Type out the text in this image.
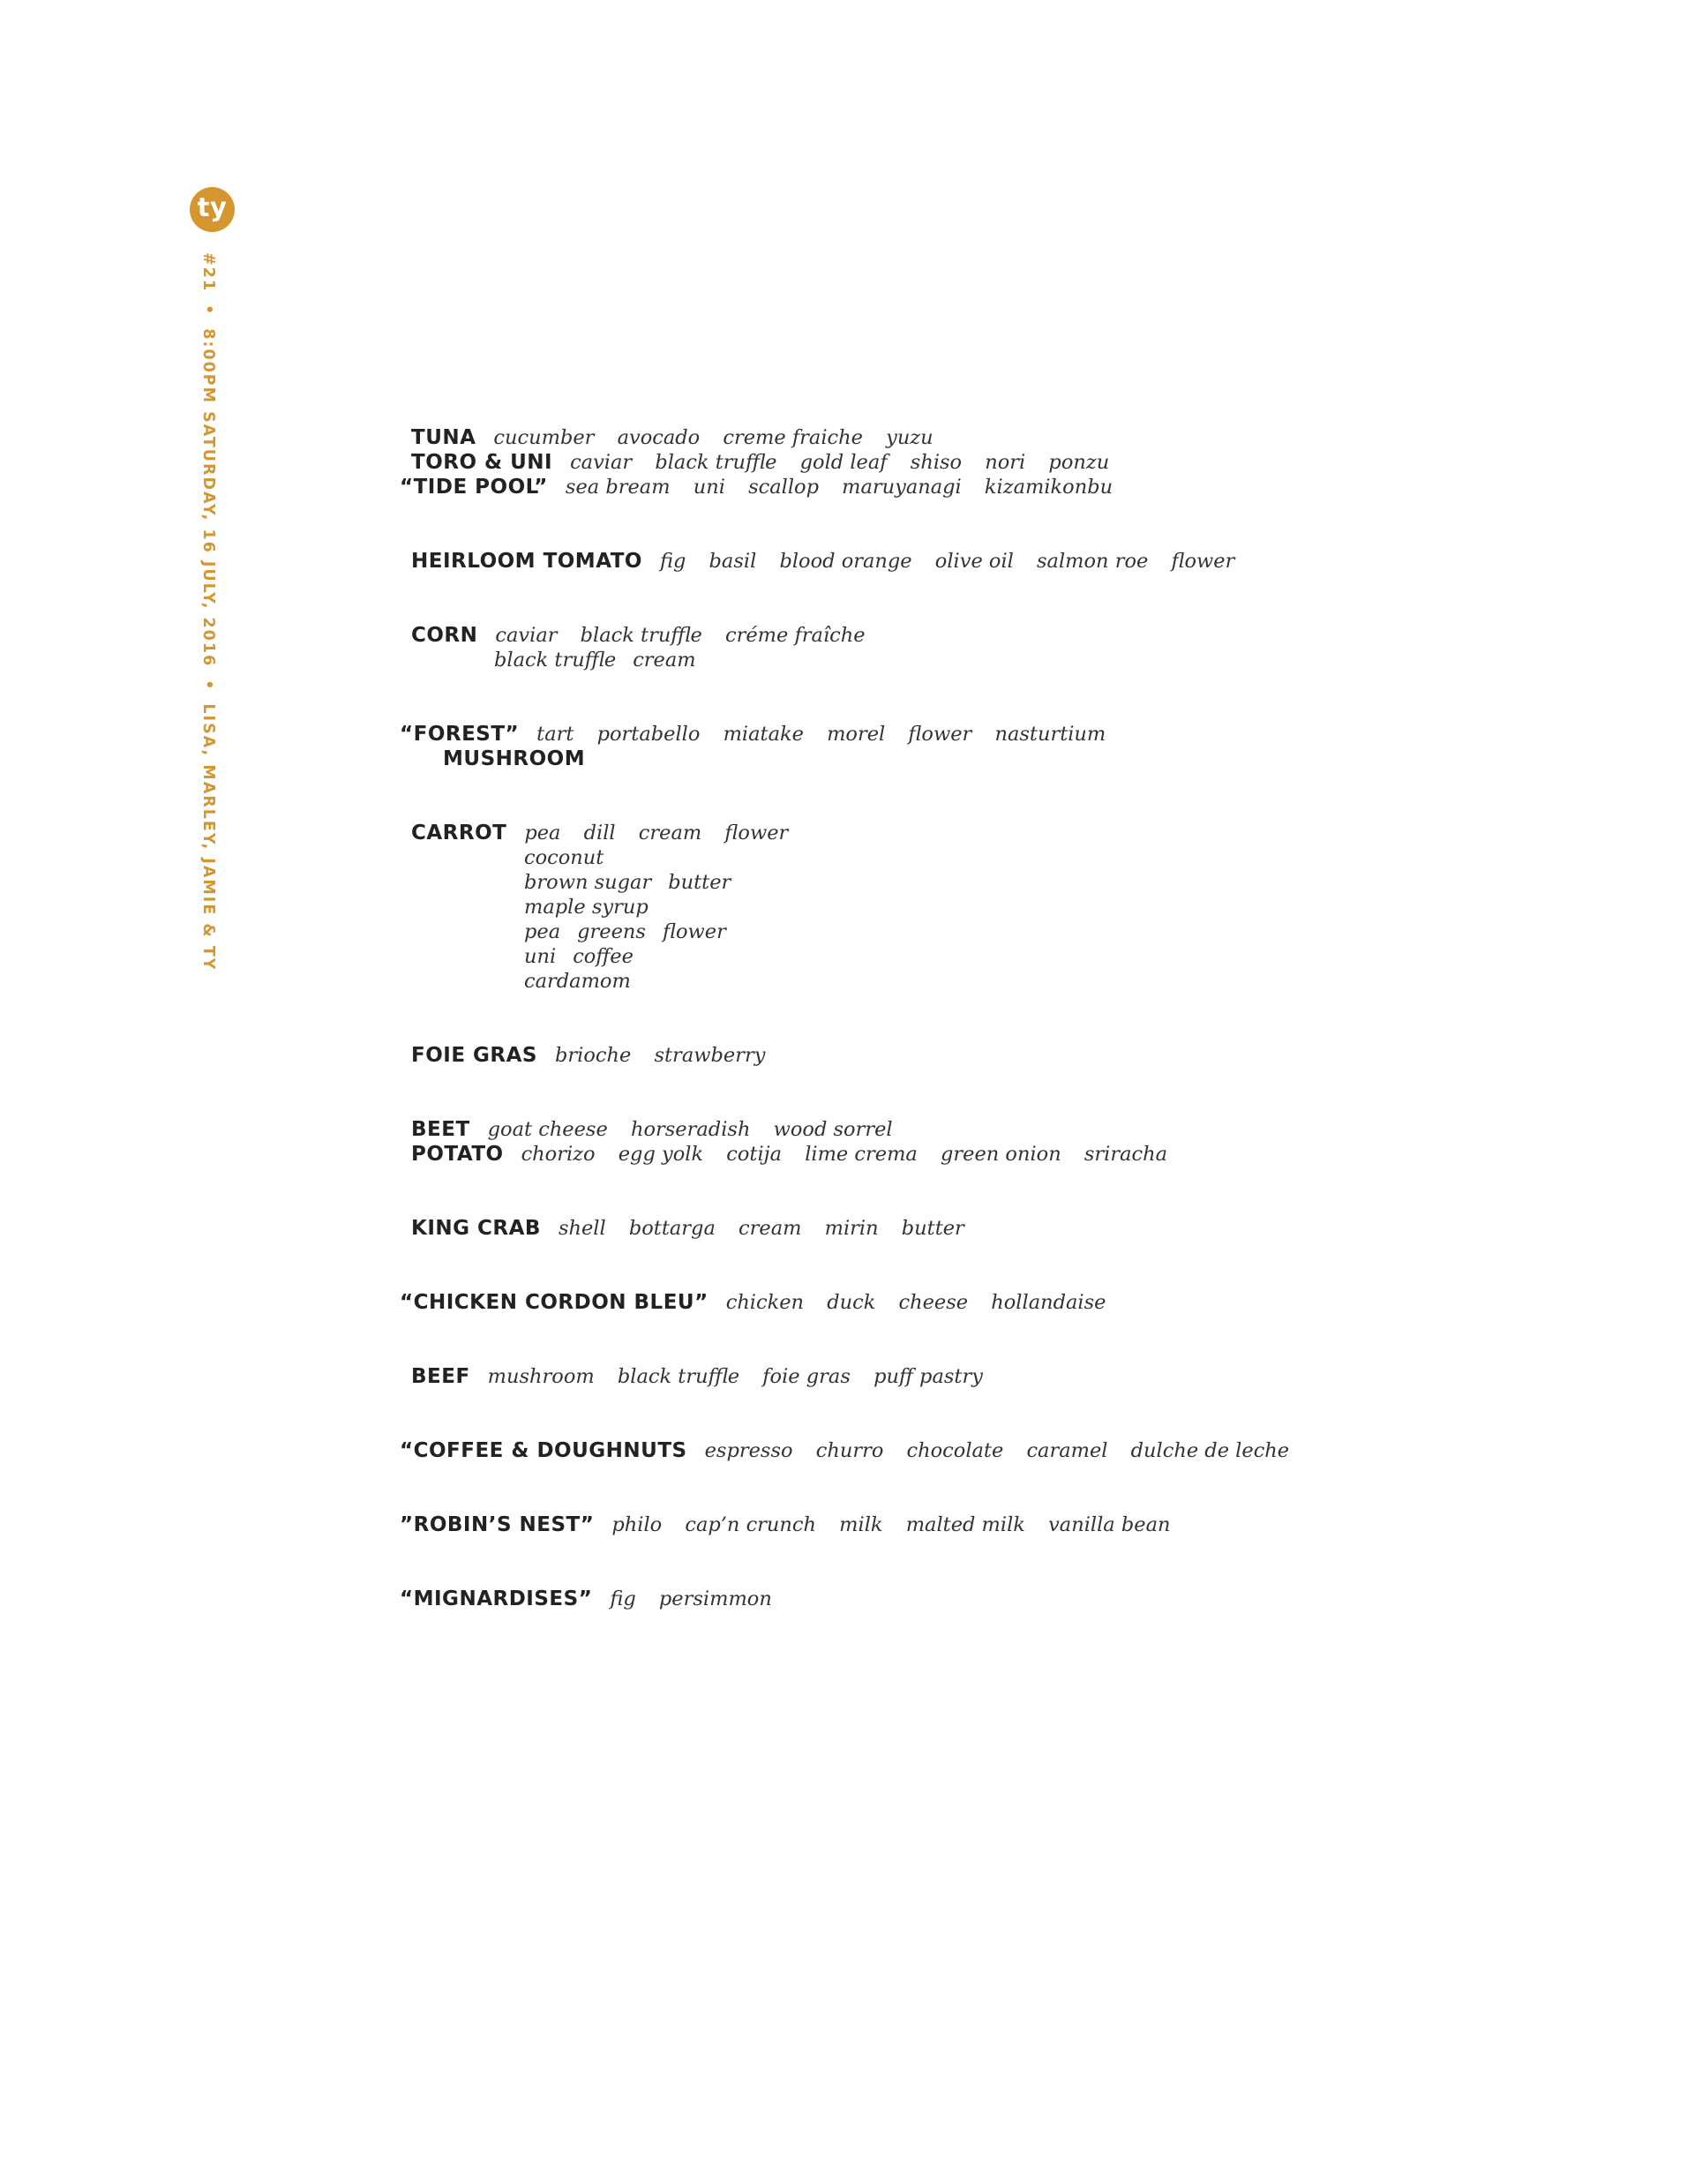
ty
#21•8:00PM SATURDAY, 16 JULY, 2016•LISA, MARLEY, JAMIE & TY
TUNA cucumber avocado creme fraiche yuzu
TORO & UNI caviar black truffle gold leaf shiso nori ponzu
“TIDE POOL” sea bream uni scallop maruyanagi kizamikonbu
HEIRLOOM TOMATO fig basil blood orange olive oil salmon roe flower
CORN caviar black truffle créme fraîche
black truffle cream
“FOREST” tart portabello miatake morel flower nasturtium
MUSHROOM
CARROT pea dill cream flower
coconut
brown sugar butter
maple syrup
pea greens flower
uni coffee
cardamom
FOIE GRAS brioche strawberry
BEET goat cheese horseradish wood sorrel
POTATO chorizo egg yolk cotija lime crema green onion sriracha
KING CRAB shell bottarga cream mirin butter
“CHICKEN CORDON BLEU” chicken duck cheese hollandaise
BEEF mushroom black truffle foie gras puff pastry
“COFFEE & DOUGHNUTS espresso churro chocolate caramel dulche de leche
”ROBIN’S NEST” philo cap’n crunch milk malted milk vanilla bean
“MIGNARDISES” fig persimmon
